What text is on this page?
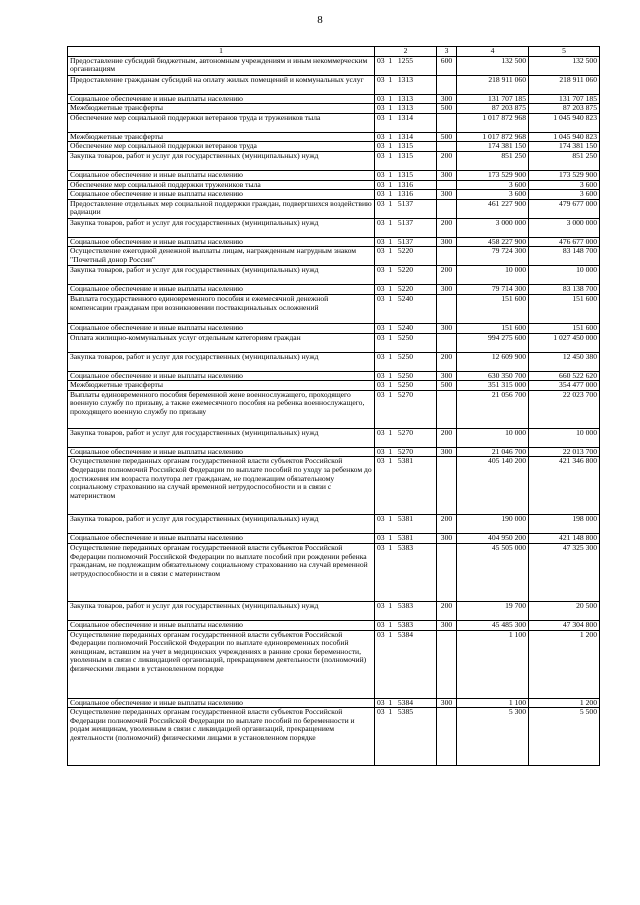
8
1	2	3	4	5
Предоставление субсидий бюджетным, автономным учреждениям и иным некоммерческим организациям	03  1   1255	600	132 500	132 500
Предоставление гражданам субсидий на оплату жилых помещений и коммунальных услуг	03  1   1313		218 911 060	218 911 060
Социальное обеспечение и иные выплаты населению	03  1   1313	300	131 707 185	131 707 185
Межбюджетные трансферты	03  1   1313	500	87 203 875	87 203 875
Обеспечение мер социальной поддержки ветеранов труда и тружеников тыла	03  1   1314		1 017 872 968	1 045 940 823
Межбюджетные трансферты	03  1   1314	500	1 017 872 968	1 045 940 823
Обеспечение мер социальной поддержки ветеранов труда	03  1   1315		174 381 150	174 381 150
Закупка товаров, работ и услуг для государственных (муниципальных) нужд	03  1   1315	200	851 250	851 250
Социальное обеспечение и иные выплаты населению	03  1   1315	300	173 529 900	173 529 900
Обеспечение мер социальной поддержки тружеников тыла	03  1   1316		3 600	3 600
Социальное обеспечение и иные выплаты населению	03  1   1316	300	3 600	3 600
Предоставление отдельных мер социальной поддержки граждан, подвергшихся воздействию радиации	03  1   5137		461 227 900	479 677 000
Закупка товаров, работ и услуг для государственных (муниципальных) нужд	03  1   5137	200	3 000 000	3 000 000
Социальное обеспечение и иные выплаты населению	03  1   5137	300	458 227 900	476 677 000
Осуществление ежегодной денежной выплаты лицам, награжденным нагрудным знаком "Почетный донор России"	03  1   5220		79 724 300	83 148 700
Закупка товаров, работ и услуг для государственных (муниципальных) нужд	03  1   5220	200	10 000	10 000
Социальное обеспечение и иные выплаты населению	03  1   5220	300	79 714 300	83 138 700
Выплата государственного единовременного пособия и ежемесячной денежной компенсации гражданам при возникновении поствакцинальных осложнений	03  1   5240		151 600	151 600
Социальное обеспечение и иные выплаты населению	03  1   5240	300	151 600	151 600
Оплата жилищно-коммунальных услуг отдельным категориям граждан	03  1   5250		994 275 600	1 027 450 000
Закупка товаров, работ и услуг для государственных (муниципальных) нужд	03  1   5250	200	12 609 900	12 450 380
Социальное обеспечение и иные выплаты населению	03  1   5250	300	630 350 700	660 522 620
Межбюджетные трансферты	03  1   5250	500	351 315 000	354 477 000
Выплаты единовременного пособия беременной жене военнослужащего, проходящего военную службу по призыву, а также ежемесячного пособия на ребенка военнослужащего, проходящего военную службу по призыву	03  1   5270		21 056 700	22 023 700
Закупка товаров, работ и услуг для государственных (муниципальных) нужд	03  1   5270	200	10 000	10 000
Социальное обеспечение и иные выплаты населению	03  1   5270	300	21 046 700	22 013 700
Осуществление переданных органам государственной власти субъектов Российской Федерации полномочий Российской Федерации по выплате пособий по уходу за ребенком до достижения им возраста полутора лет гражданам, не подлежащим обязательному социальному страхованию на случай временной нетрудоспособности и в связи с материнством	03  1   5381		405 140 200	421 346 800
Закупка товаров, работ и услуг для государственных (муниципальных) нужд	03  1   5381	200	190 000	198 000
Социальное обеспечение и иные выплаты населению	03  1   5381	300	404 950 200	421 148 800
Осуществление переданных органам государственной власти субъектов Российской Федерации полномочий Российской Федерации по выплате пособий при рождении ребенка гражданам, не подлежащим обязательному социальному страхованию на случай временной нетрудоспособности и в связи с материнством	03  1   5383		45 505 000	47 325 300
Закупка товаров, работ и услуг для государственных (муниципальных) нужд	03  1   5383	200	19 700	20 500
Социальное обеспечение и иные выплаты населению	03  1   5383	300	45 485 300	47 304 800
Осуществление переданных органам государственной власти субъектов Российской Федерации полномочий Российской Федерации по выплате единовременных пособий женщинам, вставшим на учет в медицинских учреждениях в ранние сроки беременности, уволенным в связи с ликвидацией организаций, прекращением деятельности (полномочий) физическими лицами в установленном порядке	03  1   5384		1 100	1 200
Социальное обеспечение и иные выплаты населению	03  1   5384	300	1 100	1 200
Осуществление переданных органам государственной власти субъектов Российской Федерации полномочий Российской Федерации по выплате пособий по беременности и родам женщинам, уволенным в связи с ликвидацией организаций, прекращением деятельности (полномочий) физическими лицами в установленном порядке	03  1   5385		5 300	5 500
